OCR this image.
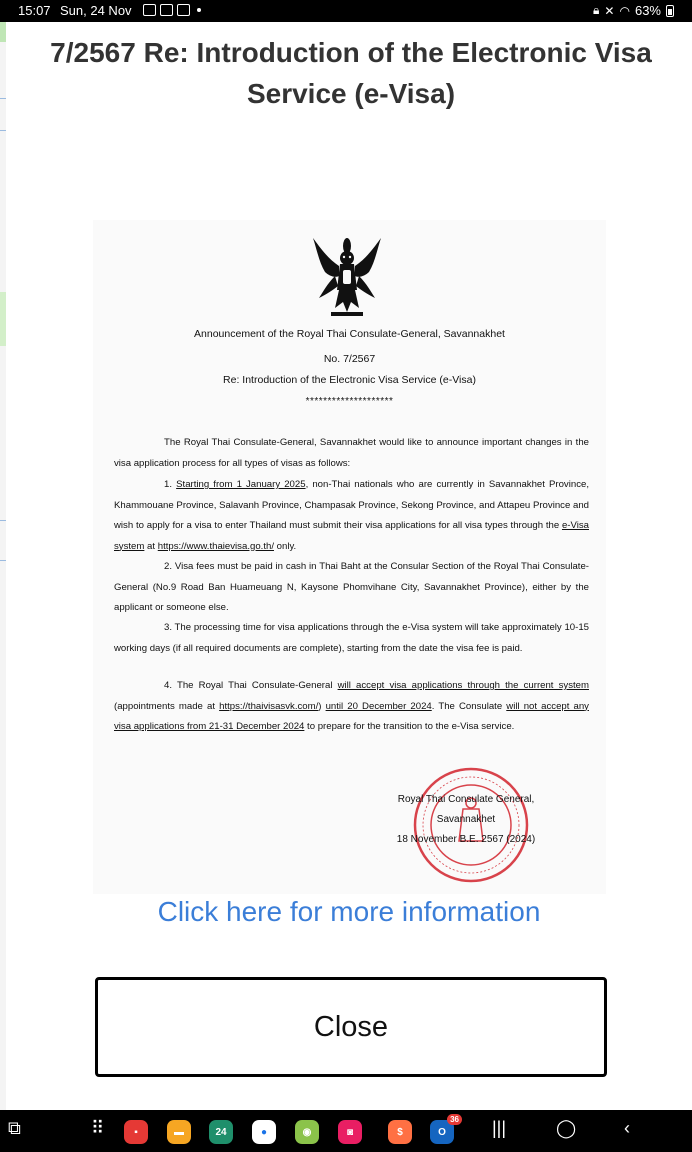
15:07 Sun, 24 Nov	🔒︎ ✕ ◠ 63%
7/2567 Re: Introduction of the Electronic Visa Service (e-Visa)
Announcement of the Royal Thai Consulate-General, Savannakhet
No. 7/2567
Re: Introduction of the Electronic Visa Service (e-Visa)
********************
The Royal Thai Consulate-General, Savannakhet would like to announce important changes in the visa application process for all types of visas as follows:
1. Starting from 1 January 2025, non-Thai nationals who are currently in Savannakhet Province, Khammouane Province, Salavanh Province, Champasak Province, Sekong Province, and Attapeu Province and wish to apply for a visa to enter Thailand must submit their visa applications for all visa types through the e-Visa system at https://www.thaievisa.go.th/ only.
2. Visa fees must be paid in cash in Thai Baht at the Consular Section of the Royal Thai Consulate-General (No.9 Road Ban Huameuang N, Kaysone Phomvihane City, Savannakhet Province), either by the applicant or someone else.
3. The processing time for visa applications through the e-Visa system will take approximately 10-15 working days (if all required documents are complete), starting from the date the visa fee is paid.
4. The Royal Thai Consulate-General will accept visa applications through the current system (appointments made at https://thaivisasvk.com/) until 20 December 2024. The Consulate will not accept any visa applications from 21-31 December 2024 to prepare for the transition to the e-Visa service.
Royal Thai Consulate General,
Savannakhet
18 November B.E. 2567 (2024)
Click here for more information
Close
⧉	⠿	▪	▬	24	●	◉	◙	$	O
36 |||	◯	‹
